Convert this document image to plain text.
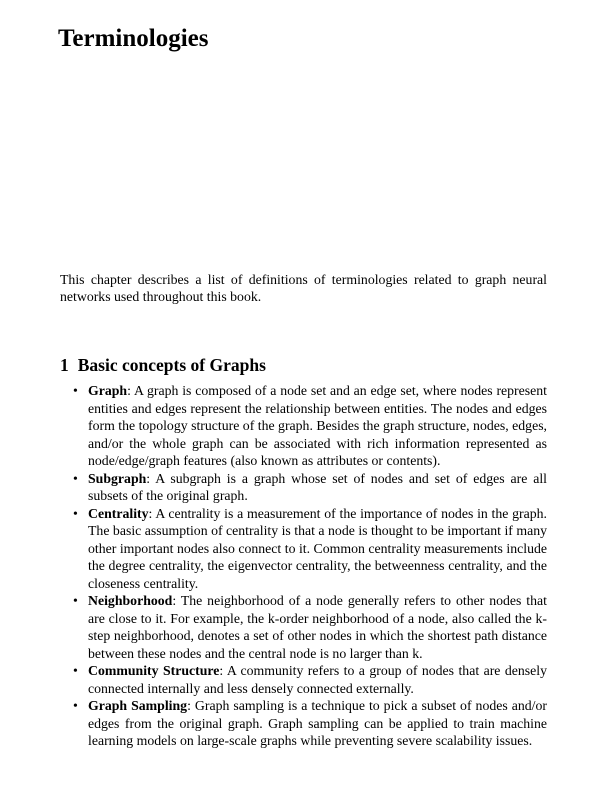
Terminologies

This chapter describes a list of definitions of terminologies related to graph neural networks used throughout this book.

1 Basic concepts of Graphs
• Graph: A graph is composed of a node set and an edge set, where nodes represent entities and edges represent the relationship between entities. The nodes and edges form the topology structure of the graph. Besides the graph structure, nodes, edges, and/or the whole graph can be associated with rich information represented as node/edge/graph features (also known as attributes or contents).
• Subgraph: A subgraph is a graph whose set of nodes and set of edges are all subsets of the original graph.
• Centrality: A centrality is a measurement of the importance of nodes in the graph. The basic assumption of centrality is that a node is thought to be important if many other important nodes also connect to it. Common centrality measurements include the degree centrality, the eigenvector centrality, the betweenness centrality, and the closeness centrality.
• Neighborhood: The neighborhood of a node generally refers to other nodes that are close to it. For example, the k-order neighborhood of a node, also called the k-step neighborhood, denotes a set of other nodes in which the shortest path distance between these nodes and the central node is no larger than k.
• Community Structure: A community refers to a group of nodes that are densely connected internally and less densely connected externally.
• Graph Sampling: Graph sampling is a technique to pick a subset of nodes and/or edges from the original graph. Graph sampling can be applied to train machine learning models on large-scale graphs while preventing severe scalability issues.
